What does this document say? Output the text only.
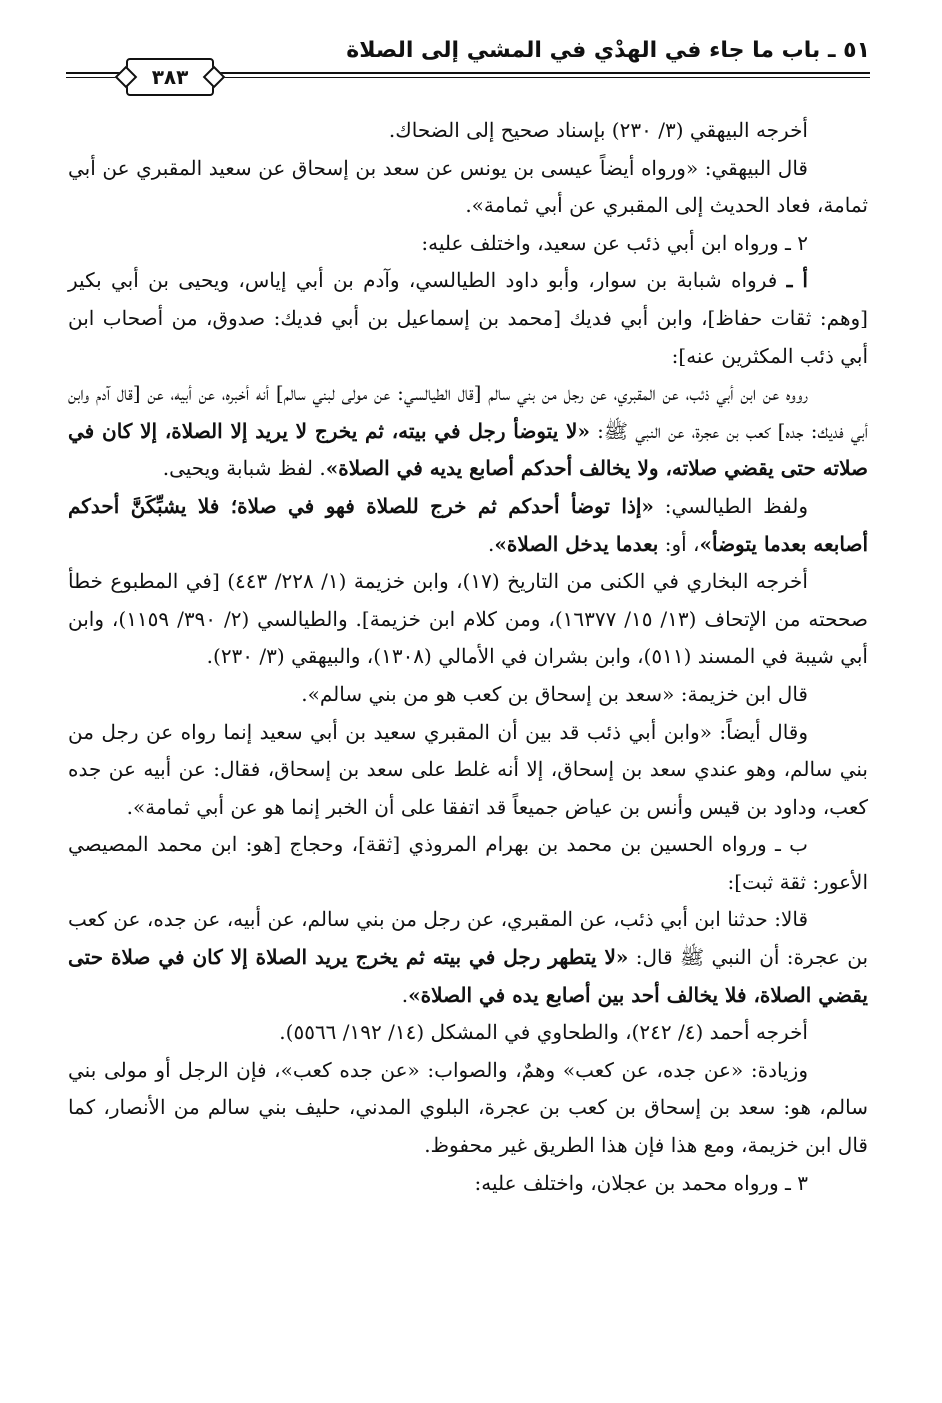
٥١ ـ باب ما جاء في الهدْي في المشي إلى الصلاة
٣٨٣

أخرجه البيهقي (٣/ ٢٣٠) بإسناد صحيح إلى الضحاك.

قال البيهقي: «ورواه أيضاً عيسى بن يونس عن سعد بن إسحاق عن سعيد المقبري عن أبي ثمامة، فعاد الحديث إلى المقبري عن أبي ثمامة».

٢ ـ ورواه ابن أبي ذئب عن سعيد، واختلف عليه:

أ ـ فرواه شبابة بن سوار، وأبو داود الطيالسي، وآدم بن أبي إياس، ويحيى بن أبي بكير [وهم: ثقات حفاظ]، وابن أبي فديك [محمد بن إسماعيل بن أبي فديك: صدوق، من أصحاب ابن أبي ذئب المكثرين عنه]:

رووه عن ابن أبي ذئب، عن المقبري، عن رجل من بني سالم [قال الطيالسي: عن مولى لبني سالم] أنه أخبره، عن أبيه، عن [قال آدم وابن أبي فديك: جده] كعب بن عجرة، عن النبي ﷺ: «لا يتوضأ رجل في بيته، ثم يخرج لا يريد إلا الصلاة، إلا كان في صلاته حتى يقضي صلاته، ولا يخالف أحدكم أصابع يديه في الصلاة». لفظ شبابة ويحيى.

ولفظ الطيالسي: «إذا توضأ أحدكم ثم خرج للصلاة فهو في صلاة؛ فلا يشبِّكَنَّ أحدكم أصابعه بعدما يتوضأ»، أو: بعدما يدخل الصلاة».

أخرجه البخاري في الكنى من التاريخ (١٧)، وابن خزيمة (١/ ٢٢٨/ ٤٤٣) [في المطبوع خطأ صححته من الإتحاف (١٣/ ١٥/ ١٦٣٧٧)، ومن كلام ابن خزيمة]. والطيالسي (٢/ ٣٩٠/ ١١٥٩)، وابن أبي شيبة في المسند (٥١١)، وابن بشران في الأمالي (١٣٠٨)، والبيهقي (٣/ ٢٣٠).

قال ابن خزيمة: «سعد بن إسحاق بن كعب هو من بني سالم».

وقال أيضاً: «وابن أبي ذئب قد بين أن المقبري سعيد بن أبي سعيد إنما رواه عن رجل من بني سالم، وهو عندي سعد بن إسحاق، إلا أنه غلط على سعد بن إسحاق، فقال: عن أبيه عن جده كعب، وداود بن قيس وأنس بن عياض جميعاً قد اتفقا على أن الخبر إنما هو عن أبي ثمامة».

ب ـ ورواه الحسين بن محمد بن بهرام المروذي [ثقة]، وحجاج [هو: ابن محمد المصيصي الأعور: ثقة ثبت]:

قالا: حدثنا ابن أبي ذئب، عن المقبري، عن رجل من بني سالم، عن أبيه، عن جده، عن كعب بن عجرة: أن النبي ﷺ قال: «لا يتطهر رجل في بيته ثم يخرج يريد الصلاة إلا كان في صلاة حتى يقضي الصلاة، فلا يخالف أحد بين أصابع يده في الصلاة».

أخرجه أحمد (٤/ ٢٤٢)، والطحاوي في المشكل (١٤/ ١٩٢/ ٥٥٦٦).

وزيادة: «عن جده، عن كعب» وهمٌ، والصواب: «عن جده كعب»، فإن الرجل أو مولى بني سالم، هو: سعد بن إسحاق بن كعب بن عجرة، البلوي المدني، حليف بني سالم من الأنصار، كما قال ابن خزيمة، ومع هذا فإن هذا الطريق غير محفوظ.

٣ ـ ورواه محمد بن عجلان، واختلف عليه:
